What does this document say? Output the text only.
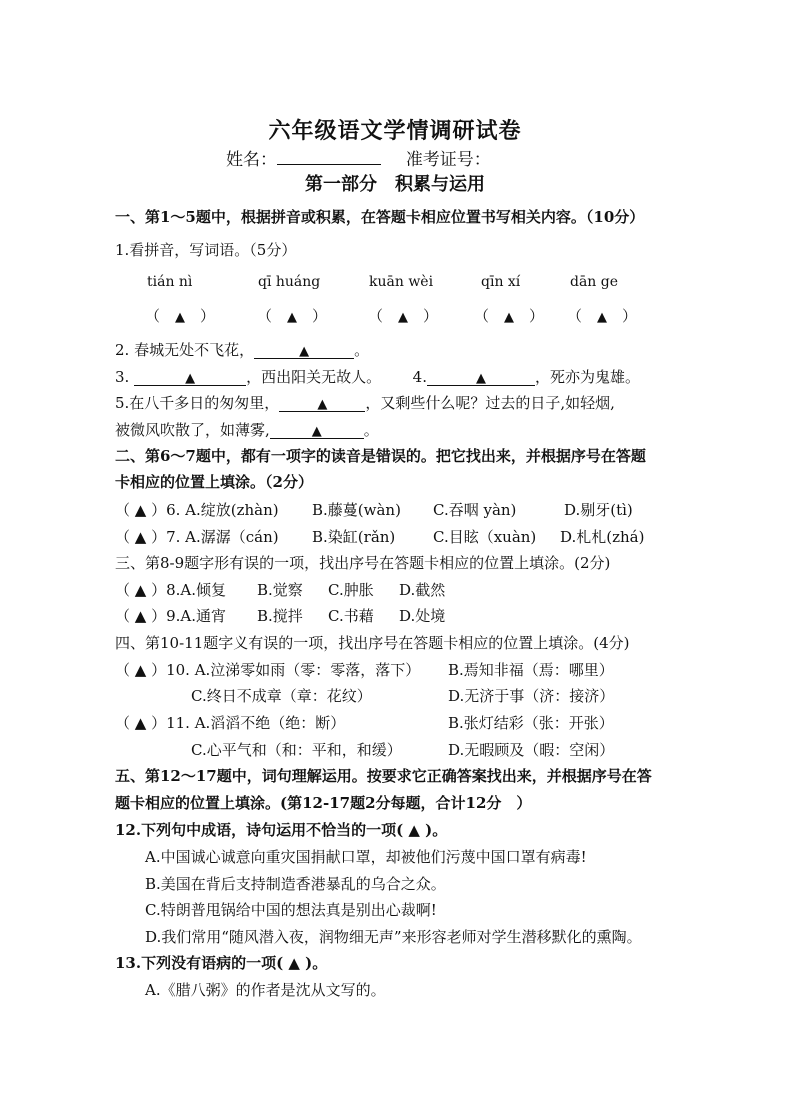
六年级语文学情调研试卷
姓名：	准考证号：
第一部分　积累与运用
一、第1～5题中，根据拼音或积累，在答题卡相应位置书写相关内容。（10分）
1.看拼音，写词语。（5分）
tián nì	qī huáng	kuān wèi	qīn xí	dān ge
（　▲　）	（　▲　）	（　▲　） （　▲　） （　▲　）
2. 春城无处不飞花，	▲	。
3.	▲	，西出阳关无故人。 4.	▲	，死亦为鬼雄。
5.在八千多日的匆匆里，	▲	，又剩些什么呢？过去的日子,如轻烟,
被微风吹散了，如薄雾,	▲	。
二、第6～7题中，都有一项字的读音是错误的。把它找出来，并根据序号在答题
卡相应的位置上填涂。（2分）
（ ▲ ）6. A.绽放(zhàn) B.藤蔓(wàn) C.吞咽 yàn)	D.剔牙(tì)
（ ▲ ）7. A.潺潺（cán) B.染缸(rǎn)	C.目眩（xuàn) D.札札(zhá)
三、第8-9题字形有误的一项，找出序号在答题卡相应的位置上填涂。(2分)
（ ▲ ）8.A.倾复 B.觉察 C.肿胀 D.截然
（ ▲ ）9.A.通宵 B.搅拌 C.书藉 D.处境
四、第10-11题字义有误的一项，找出序号在答题卡相应的位置上填涂。(4分)
（ ▲ ）10. A.泣涕零如雨（零：零落，落下） B.焉知非福（焉：哪里）
C.终日不成章（章：花纹）	D.无济于事（济：接济）
（ ▲ ）11. A.滔滔不绝（绝：断）	B.张灯结彩（张：开张）
C.心平气和（和：平和，和缓）	D.无暇顾及（暇：空闲）
五、第12～17题中，词句理解运用。按要求它正确答案找出来，并根据序号在答
题卡相应的位置上填涂。(第12-17题2分每题，合计12分　）
12.下列句中成语，诗句运用不恰当的一项( ▲ )。
A.中国诚心诚意向重灾国捐献口罩，却被他们污蔑中国口罩有病毒!
B.美国在背后支持制造香港暴乱的乌合之众。
C.特朗普甩锅给中国的想法真是别出心裁啊!
D.我们常用“随风潜入夜，润物细无声”来形容老师对学生潜移默化的熏陶。
13.下列没有语病的一项( ▲ )。
A.《腊八粥》的作者是沈从文写的。
